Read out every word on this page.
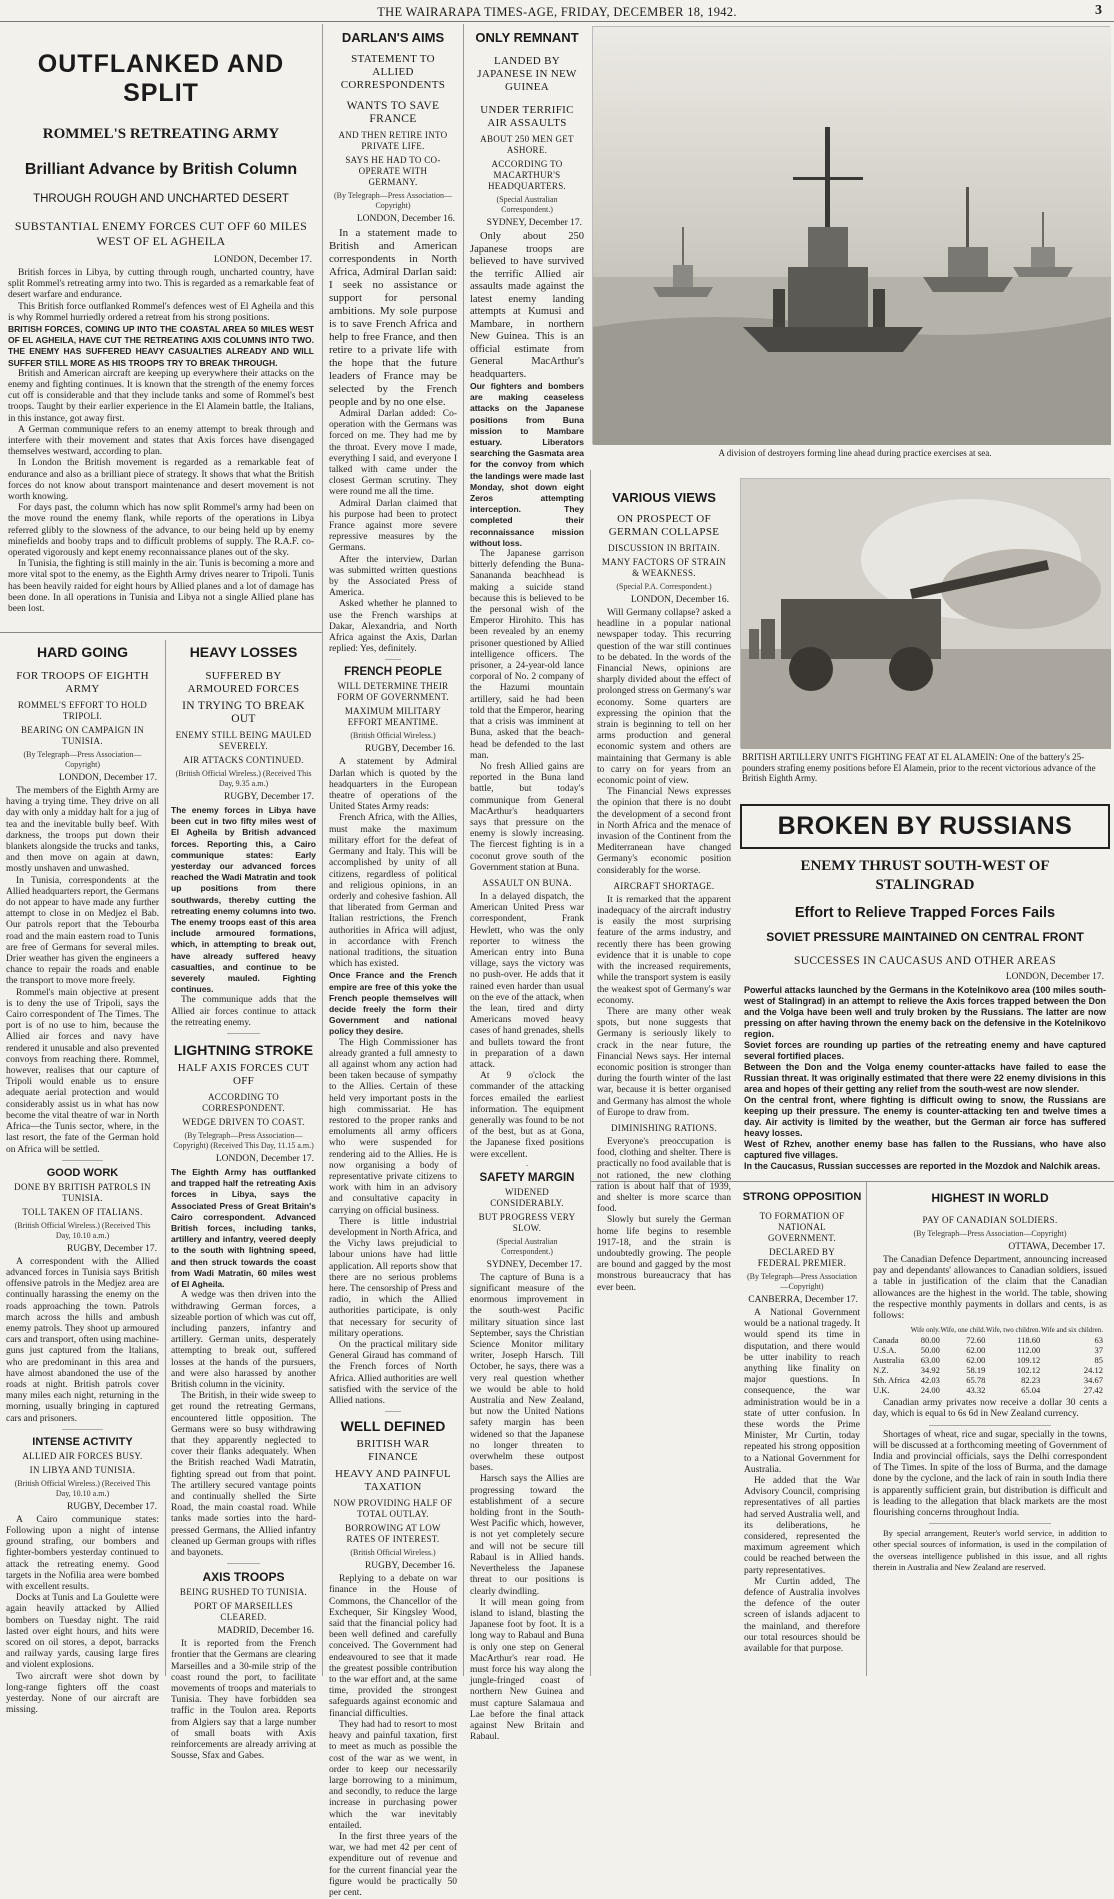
THE WAIRARAPA TIMES-AGE, FRIDAY, DECEMBER 18, 1942.	3
OUTFLANKED AND SPLIT
ROMMEL'S RETREATING ARMY
Brilliant Advance by British Column
THROUGH ROUGH AND UNCHARTED DESERT
SUBSTANTIAL ENEMY FORCES CUT OFF 60 MILES WEST OF EL AGHEILA
LONDON, December 17.

British forces in Libya, by cutting through rough, uncharted country, have split Rommel's retreating army into two. This is regarded as a remarkable feat of desert warfare and endurance.

This British force outflanked Rommel's defences west of El Agheila and this is why Rommel hurriedly ordered a retreat from his strong positions.

BRITISH FORCES, COMING UP INTO THE COASTAL AREA 50 MILES WEST OF EL AGHEILA, HAVE CUT THE RETREATING AXIS COLUMNS INTO TWO. THE ENEMY HAS SUFFERED HEAVY CASUALTIES ALREADY AND WILL SUFFER STILL MORE AS HIS TROOPS TRY TO BREAK THROUGH.

British and American aircraft are keeping up everywhere their attacks on the enemy and fighting continues. It is known that the strength of the enemy forces cut off is considerable and that they include tanks and some of Rommel's best troops. Taught by their earlier experience in the El Alamein battle, the Italians, in this instance, got away first.

A German communique refers to an enemy attempt to break through and interfere with their movement and states that Axis forces have disengaged themselves westward, according to plan.

In London the British movement is regarded as a remarkable feat of endurance and also as a brilliant piece of strategy. It shows that what the British forces do not know about transport maintenance and desert movement is not worth knowing.

For days past, the column which has now split Rommel's army had been on the move round the enemy flank, while reports of the operations in Libya referred glibly to the slowness of the advance, to our being held up by enemy minefields and booby traps and to difficult problems of supply. The R.A.F. co-operated vigorously and kept enemy reconnaissance planes out of the sky.

In Tunisia, the fighting is still mainly in the air. Tunis is becoming a more and more vital spot to the enemy, as the Eighth Army drives nearer to Tripoli. Tunis has been heavily raided for eight hours by Allied planes and a lot of damage has been done. In all operations in Tunisia and Libya not a single Allied plane has been lost.

HARD GOING
FOR TROOPS OF EIGHTH ARMY
ROMMEL'S EFFORT TO HOLD TRIPOLI.
BEARING ON CAMPAIGN IN TUNISIA.
(By Telegraph—Press Association—Copyright)
LONDON, December 17.

The members of the Eighth Army are having a trying time. They drive on all day with only a midday halt for a jug of tea and the inevitable bully beef. With darkness, the troops put down their blankets alongside the trucks and tanks, and then move on again at dawn, mostly unshaven and unwashed.

In Tunisia, correspondents at the Allied headquarters report, the Germans do not appear to have made any further attempt to close in on Medjez el Bab. Our patrols report that the Tebourba road and the main eastern road to Tunis are free of Germans for several miles. Drier weather has given the engineers a chance to repair the roads and enable the transport to move more freely.

Rommel's main objective at present is to deny the use of Tripoli, says the Cairo correspondent of The Times. The port is of no use to him, because the Allied air forces and navy have rendered it unusable and also prevented convoys from reaching there. Rommel, however, realises that our capture of Tripoli would enable us to ensure adequate aerial protection and would considerably assist us in what has now become the vital theatre of war in North Africa—the Tunis sector, where, in the last resort, the fate of the German hold on Africa will be settled.

GOOD WORK
DONE BY BRITISH PATROLS IN TUNISIA.
TOLL TAKEN OF ITALIANS.
(British Official Wireless.) (Received This Day, 10.10 a.m.)
RUGBY, December 17.

A correspondent with the Allied advanced forces in Tunisia says British offensive patrols in the Medjez area are continually harassing the enemy on the roads approaching the town. Patrols march across the hills and ambush enemy patrols. They shoot up armoured cars and transport, often using machine-guns just captured from the Italians, who are predominant in this area and have almost abandoned the use of the roads at night. British patrols cover many miles each night, returning in the morning, usually bringing in captured cars and prisoners.

INTENSE ACTIVITY
ALLIED AIR FORCES BUSY.
IN LIBYA AND TUNISIA.
(British Official Wireless.) (Received This Day, 10.10 a.m.)
RUGBY, December 17.

A Cairo communique states: Following upon a night of intense ground strafing, our bombers and fighter-bombers yesterday continued to attack the retreating enemy. Good targets in the Nofilia area were bombed with excellent results.

Docks at Tunis and La Goulette were again heavily attacked by Allied bombers on Tuesday night. The raid lasted over eight hours, and hits were scored on oil stores, a depot, barracks and railway yards, causing large fires and violent explosions.

Two aircraft were shot down by long-range fighters off the coast yesterday. None of our aircraft are missing.

HEAVY LOSSES
SUFFERED BY ARMOURED FORCES
IN TRYING TO BREAK OUT
ENEMY STILL BEING MAULED SEVERELY.
AIR ATTACKS CONTINUED.
(British Official Wireless.) (Received This Day, 9.35 a.m.)
RUGBY, December 17.

The enemy forces in Libya have been cut in two fifty miles west of El Agheila by British advanced forces. Reporting this, a Cairo communique states: Early yesterday our advanced forces reached the Wadi Matratin and took up positions from there southwards, thereby cutting the retreating enemy columns into two. The enemy troops east of this area include armoured formations, which, in attempting to break out, have already suffered heavy casualties, and continue to be severely mauled. Fighting continues.

The communique adds that the Allied air forces continue to attack the retreating enemy.

LIGHTNING STROKE
HALF AXIS FORCES CUT OFF
ACCORDING TO CORRESPONDENT.
WEDGE DRIVEN TO COAST.
(By Telegraph—Press Association—Copyright) (Received This Day, 11.15 a.m.)
LONDON, December 17.

The Eighth Army has outflanked and trapped half the retreating Axis forces in Libya, says the Associated Press of Great Britain's Cairo correspondent. Advanced British forces, including tanks, artillery and infantry, veered deeply to the south with lightning speed, and then struck towards the coast from Wadi Matratin, 60 miles west of El Agheila.

A wedge was then driven into the withdrawing German forces, a sizeable portion of which was cut off, including panzers, infantry and artillery. German units, desperately attempting to break out, suffered losses at the hands of the pursuers, and were also harassed by another British column in the vicinity.

The British, in their wide sweep to get round the retreating Germans, encountered little opposition. The Germans were so busy withdrawing that they apparently neglected to cover their flanks adequately. When the British reached Wadi Matratin, fighting spread out from that point. The artillery secured vantage points and continually shelled the Sirte Road, the main coastal road. While tanks made sorties into the hard-pressed Germans, the Allied infantry cleaned up German groups with rifles and bayonets.

AXIS TROOPS
BEING RUSHED TO TUNISIA.
PORT OF MARSEILLES CLEARED.
MADRID, December 16.

It is reported from the French frontier that the Germans are clearing Marseilles and a 30-mile strip of the coast round the port, to facilitate movements of troops and materials to Tunisia. They have forbidden sea traffic in the Toulon area. Reports from Algiers say that a large number of small boats with Axis reinforcements are already arriving at Sousse, Sfax and Gabes.

DARLAN'S AIMS
STATEMENT TO ALLIED CORRESPONDENTS
WANTS TO SAVE FRANCE
AND THEN RETIRE INTO PRIVATE LIFE.
SAYS HE HAD TO CO-OPERATE WITH GERMANY.
(By Telegraph—Press Association—Copyright)
LONDON, December 16.

In a statement made to British and American correspondents in North Africa, Admiral Darlan said: I seek no assistance or support for personal ambitions. My sole purpose is to save French Africa and help to free France, and then retire to a private life with the hope that the future leaders of France may be selected by the French people and by no one else.

Admiral Darlan added: Co-operation with the Germans was forced on me. They had me by the throat. Every move I made, everything I said, and everyone I talked with came under the closest German scrutiny. They were round me all the time.

Admiral Darlan claimed that his purpose had been to protect France against more severe repressive measures by the Germans.

After the interview, Darlan was submitted written questions by the Associated Press of America.

Asked whether he planned to use the French warships at Dakar, Alexandria, and North Africa against the Axis, Darlan replied: Yes, definitely.

FRENCH PEOPLE
WILL DETERMINE THEIR FORM OF GOVERNMENT.
MAXIMUM MILITARY EFFORT MEANTIME.
(British Official Wireless.)
RUGBY, December 16.

A statement by Admiral Darlan which is quoted by the headquarters in the European theatre of operations of the United States Army reads:

French Africa, with the Allies, must make the maximum military effort for the defeat of Germany and Italy. This will be accomplished by unity of all citizens, regardless of political and religious opinions, in an orderly and cohesive fashion. All that liberated from German and Italian restrictions, the French authorities in Africa will adjust, in accordance with French national traditions, the situation which has existed.

Once France and the French empire are free of this yoke the French people themselves will decide freely the form their Government and national policy they desire.

The High Commissioner has already granted a full amnesty to all against whom any action had been taken because of sympathy to the Allies. Certain of these held very important posts in the high commissariat. He has restored to the proper ranks and emoluments all army officers who were suspended for rendering aid to the Allies. He is now organising a body of representative private citizens to work with him in an advisory and consultative capacity in carrying on official business.

There is little industrial development in North Africa, and the Vichy laws prejudicial to labour unions have had little application. All reports show that there are no serious problems here. The censorship of Press and radio, in which the Allied authorities participate, is only that necessary for security of military operations.

On the practical military side General Giraud has command of the French forces of North Africa. Allied authorities are well satisfied with the service of the Allied nations.

WELL DEFINED
BRITISH WAR FINANCE
HEAVY AND PAINFUL TAXATION
NOW PROVIDING HALF OF TOTAL OUTLAY.
BORROWING AT LOW RATES OF INTEREST.
(British Official Wireless.)
RUGBY, December 16.

Replying to a debate on war finance in the House of Commons, the Chancellor of the Exchequer, Sir Kingsley Wood, said that the financial policy had been well defined and carefully conceived. The Government had endeavoured to see that it made the greatest possible contribution to the war effort and, at the same time, provided the strongest safeguards against economic and financial difficulties.

They had had to resort to most heavy and painful taxation, first to meet as much as possible the cost of the war as we went, in order to keep our necessarily large borrowing to a minimum, and secondly, to reduce the large increase in purchasing power which the war inevitably entailed.

In the first three years of the war, we had met 42 per cent of expenditure out of revenue and for the current financial year the figure would be practically 50 per cent.

ONLY REMNANT
LANDED BY JAPANESE IN NEW GUINEA
UNDER TERRIFIC AIR ASSAULTS
ABOUT 250 MEN GET ASHORE.
ACCORDING TO MACARTHUR'S HEADQUARTERS.
(Special Australian Correspondent.)
SYDNEY, December 17.

Only about 250 Japanese troops are believed to have survived the terrific Allied air assaults made against the latest enemy landing attempts at Kumusi and Mambare, in northern New Guinea. This is an official estimate from General MacArthur's headquarters.

Our fighters and bombers are making ceaseless attacks on the Japanese positions from Buna mission to Mambare estuary. Liberators searching the Gasmata area for the convoy from which the landings were made last Monday, shot down eight Zeros attempting interception. They completed their reconnaissance mission without loss.

The Japanese garrison bitterly defending the Buna-Sanananda beachhead is making a suicide stand because this is believed to be the personal wish of the Emperor Hirohito. This has been revealed by an enemy prisoner questioned by Allied intelligence officers. The prisoner, a 24-year-old lance corporal of No. 2 company of the Hazumi mountain artillery, said he had been told that the Emperor, hearing that a crisis was imminent at Buna, asked that the beach-head be defended to the last man.

No fresh Allied gains are reported in the Buna land battle, but today's communique from General MacArthur's headquarters says that pressure on the enemy is slowly increasing. The fiercest fighting is in a coconut grove south of the Government station at Buna.

ASSAULT ON BUNA.

In a delayed dispatch, the American United Press war correspondent, Frank Hewlett, who was the only reporter to witness the American entry into Buna village, says the victory was no push-over. He adds that it rained even harder than usual on the eve of the attack, when the lean, tired and dirty Americans moved heavy cases of hand grenades, shells and bullets toward the front in preparation of a dawn attack.

At 9 o'clock the commander of the attacking forces emailed the earliest information. The equipment generally was found to be not of the best, but as at Gona, the Japanese fixed positions were excellent.

SAFETY MARGIN
WIDENED CONSIDERABLY.
BUT PROGRESS VERY SLOW.
(Special Australian Correspondent.)
SYDNEY, December 17.

The capture of Buna is a significant measure of the enormous improvement in the south-west Pacific military situation since last September, says the Christian Science Monitor military writer, Joseph Harsch. Till October, he says, there was a very real question whether we would be able to hold Australia and New Zealand, but now the United Nations safety margin has been widened so that the Japanese no longer threaten to overwhelm these outpost bases.

Harsch says the Allies are progressing toward the establishment of a secure holding front in the South-West Pacific which, however, is not yet completely secure and will not be secure till Rabaul is in Allied hands. Nevertheless the Japanese threat to our positions is clearly dwindling.

It will mean going from island to island, blasting the Japanese foot by foot. It is a long way to Rabaul and Buna is only one step on General MacArthur's rear road. He must force his way along the jungle-fringed coast of northern New Guinea and must capture Salamaua and Lae before the final attack against New Britain and Rabaul.

A division of destroyers forming line ahead during practice exercises at sea.
VARIOUS VIEWS
ON PROSPECT OF GERMAN COLLAPSE
DISCUSSION IN BRITAIN.
MANY FACTORS OF STRAIN & WEAKNESS.
(Special P.A. Correspondent.)
LONDON, December 16.

Will Germany collapse? asked a headline in a popular national newspaper today. This recurring question of the war still continues to be debated. In the words of the Financial News, opinions are sharply divided about the effect of prolonged stress on Germany's war economy. Some quarters are expressing the opinion that the strain is beginning to tell on her arms production and general economic system and others are maintaining that Germany is able to carry on for years from an economic point of view.

The Financial News expresses the opinion that there is no doubt the development of a second front in North Africa and the menace of invasion of the Continent from the Mediterranean have changed Germany's economic position considerably for the worse.

AIRCRAFT SHORTAGE.

It is remarked that the apparent inadequacy of the aircraft industry is easily the most surprising feature of the arms industry, and recently there has been growing evidence that it is unable to cope with the increased requirements, while the transport system is easily the weakest spot of Germany's war economy.

There are many other weak spots, but none suggests that Germany is seriously likely to crack in the near future, the Financial News says. Her internal economic position is stronger than during the fourth winter of the last war, because it is better organised and Germany has almost the whole of Europe to draw from.

DIMINISHING RATIONS.

Everyone's preoccupation is food, clothing and shelter. There is practically no food available that is not rationed, the new clothing ration is about half that of 1939, and shelter is more scarce than food.

Slowly but surely the German home life begins to resemble 1917-18, and the strain is undoubtedly growing. The people are bound and gagged by the most monstrous bureaucracy that has ever been.

BRITISH ARTILLERY UNIT'S FIGHTING FEAT AT EL ALAMEIN: One of the battery's 25-pounders strafing enemy positions before El Alamein, prior to the recent victorious advance of the British Eighth Army.
BROKEN BY RUSSIANS
ENEMY THRUST SOUTH-WEST OF STALINGRAD
Effort to Relieve Trapped Forces Fails
SOVIET PRESSURE MAINTAINED ON CENTRAL FRONT
SUCCESSES IN CAUCASUS AND OTHER AREAS
LONDON, December 17.

Powerful attacks launched by the Germans in the Kotelnikovo area (100 miles south-west of Stalingrad) in an attempt to relieve the Axis forces trapped between the Don and the Volga have been well and truly broken by the Russians. The latter are now pressing on after having thrown the enemy back on the defensive in the Kotelnikovo region.

Soviet forces are rounding up parties of the retreating enemy and have captured several fortified places.

Between the Don and the Volga enemy counter-attacks have failed to ease the Russian threat. It was originally estimated that there were 22 enemy divisions in this area and hopes of their getting any relief from the south-west are now slender.

On the central front, where fighting is difficult owing to snow, the Russians are keeping up their pressure. The enemy is counter-attacking ten and twelve times a day. Air activity is limited by the weather, but the German air force has suffered heavy losses.

West of Rzhev, another enemy base has fallen to the Russians, who have also captured five villages.

In the Caucasus, Russian successes are reported in the Mozdok and Nalchik areas.

STRONG OPPOSITION
TO FORMATION OF NATIONAL GOVERNMENT.
DECLARED BY FEDERAL PREMIER.
(By Telegraph—Press Association—Copyright)
CANBERRA, December 17.

A National Government would be a national tragedy. It would spend its time in disputation, and there would be utter inability to reach anything like finality on major questions. In consequence, the war administration would be in a state of utter confusion. In these words the Prime Minister, Mr Curtin, today repeated his strong opposition to a National Government for Australia.

He added that the War Advisory Council, comprising representatives of all parties had served Australia well, and its deliberations, he considered, represented the maximum agreement which could be reached between the party representatives.

Mr Curtin added, The defence of Australia involves the defence of the outer screen of islands adjacent to the mainland, and therefore our total resources should be available for that purpose.

HIGHEST IN WORLD
PAY OF CANADIAN SOLDIERS.
(By Telegraph—Press Association—Copyright)
OTTAWA, December 17.

The Canadian Defence Department, announcing increased pay and dependants' allowances to Canadian soldiers, issued a table in justification of the claim that the Canadian allowances are the highest in the world. The table, showing the respective monthly payments in dollars and cents, is as follows:

	Wife only.	Wife, one child.	Wife, two children.	Wife and six children.
Canada	80.00	72.60	118.60	63
U.S.A.	50.00	62.00	112.00	37
Australia	63.00	62.00	109.12	85
N.Z.	34.92	58.19	102.12	24.12
Sth. Africa	42.03	65.78	82.23	34.67
U.K.	24.00	43.32	65.04	27.42

Canadian army privates now receive a dollar 30 cents a day, which is equal to 6s 6d in New Zealand currency.

Shortages of wheat, rice and sugar, specially in the towns, will be discussed at a forthcoming meeting of Government of India and provincial officials, says the Delhi correspondent of The Times. In spite of the loss of Burma, and the damage done by the cyclone, and the lack of rain in south India there is apparently sufficient grain, but distribution is difficult and is leading to the allegation that black markets are the most flourishing concerns throughout India.

By special arrangement, Reuter's world service, in addition to other special sources of information, is used in the compilation of the overseas intelligence published in this issue, and all rights therein in Australia and New Zealand are reserved.
